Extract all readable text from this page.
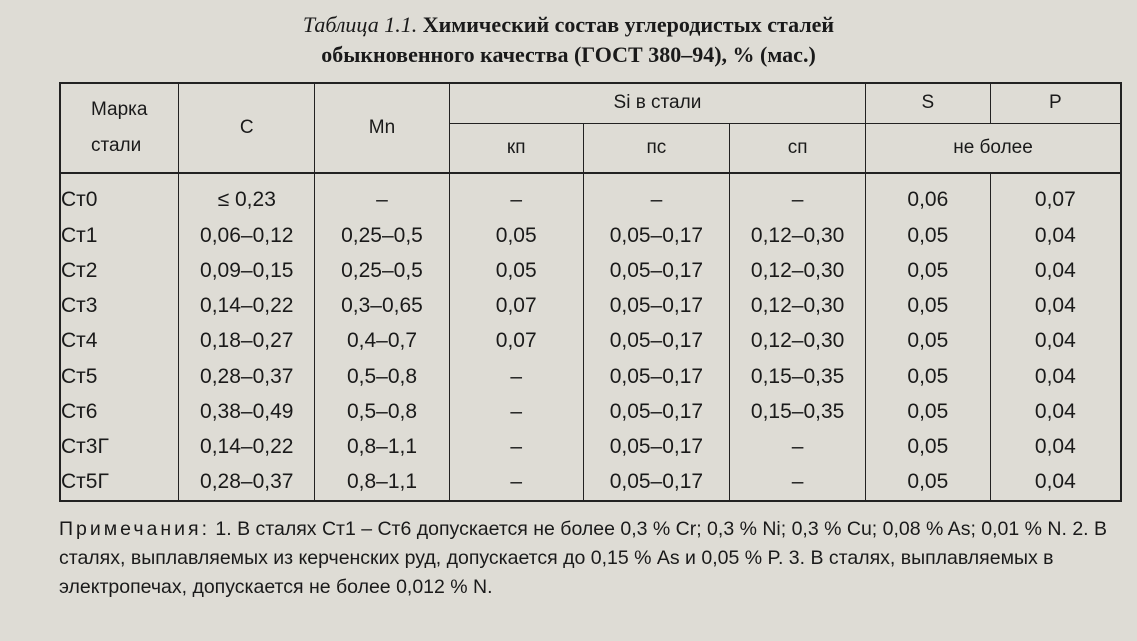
Таблица 1.1. Химический состав углеродистых сталей
обыкновенного качества (ГОСТ 380–94), % (мас.)
Марка
стали	C	Mn	Si в стали			S	P
			кп	пс	сп	не более	
Ст0	≤ 0,23	–	–	–	–	0,06	0,07
Ст1	0,06–0,12	0,25–0,5	0,05	0,05–0,17	0,12–0,30	0,05	0,04
Ст2	0,09–0,15	0,25–0,5	0,05	0,05–0,17	0,12–0,30	0,05	0,04
Ст3	0,14–0,22	0,3–0,65	0,07	0,05–0,17	0,12–0,30	0,05	0,04
Ст4	0,18–0,27	0,4–0,7	0,07	0,05–0,17	0,12–0,30	0,05	0,04
Ст5	0,28–0,37	0,5–0,8	–	0,05–0,17	0,15–0,35	0,05	0,04
Ст6	0,38–0,49	0,5–0,8	–	0,05–0,17	0,15–0,35	0,05	0,04
Ст3Г	0,14–0,22	0,8–1,1	–	0,05–0,17	–	0,05	0,04
Ст5Г	0,28–0,37	0,8–1,1	–	0,05–0,17	–	0,05	0,04
Примечания: 1. В сталях Ст1 – Ст6 допускается не более 0,3 % Cr; 0,3 % Ni; 0,3 % Cu; 0,08 % As; 0,01 % N. 2. В сталях, выплавляемых из керченских руд, допускается до 0,15 % As и 0,05 % P. 3. В сталях, выплавляемых в электропечах, допускается не более 0,012 % N.
